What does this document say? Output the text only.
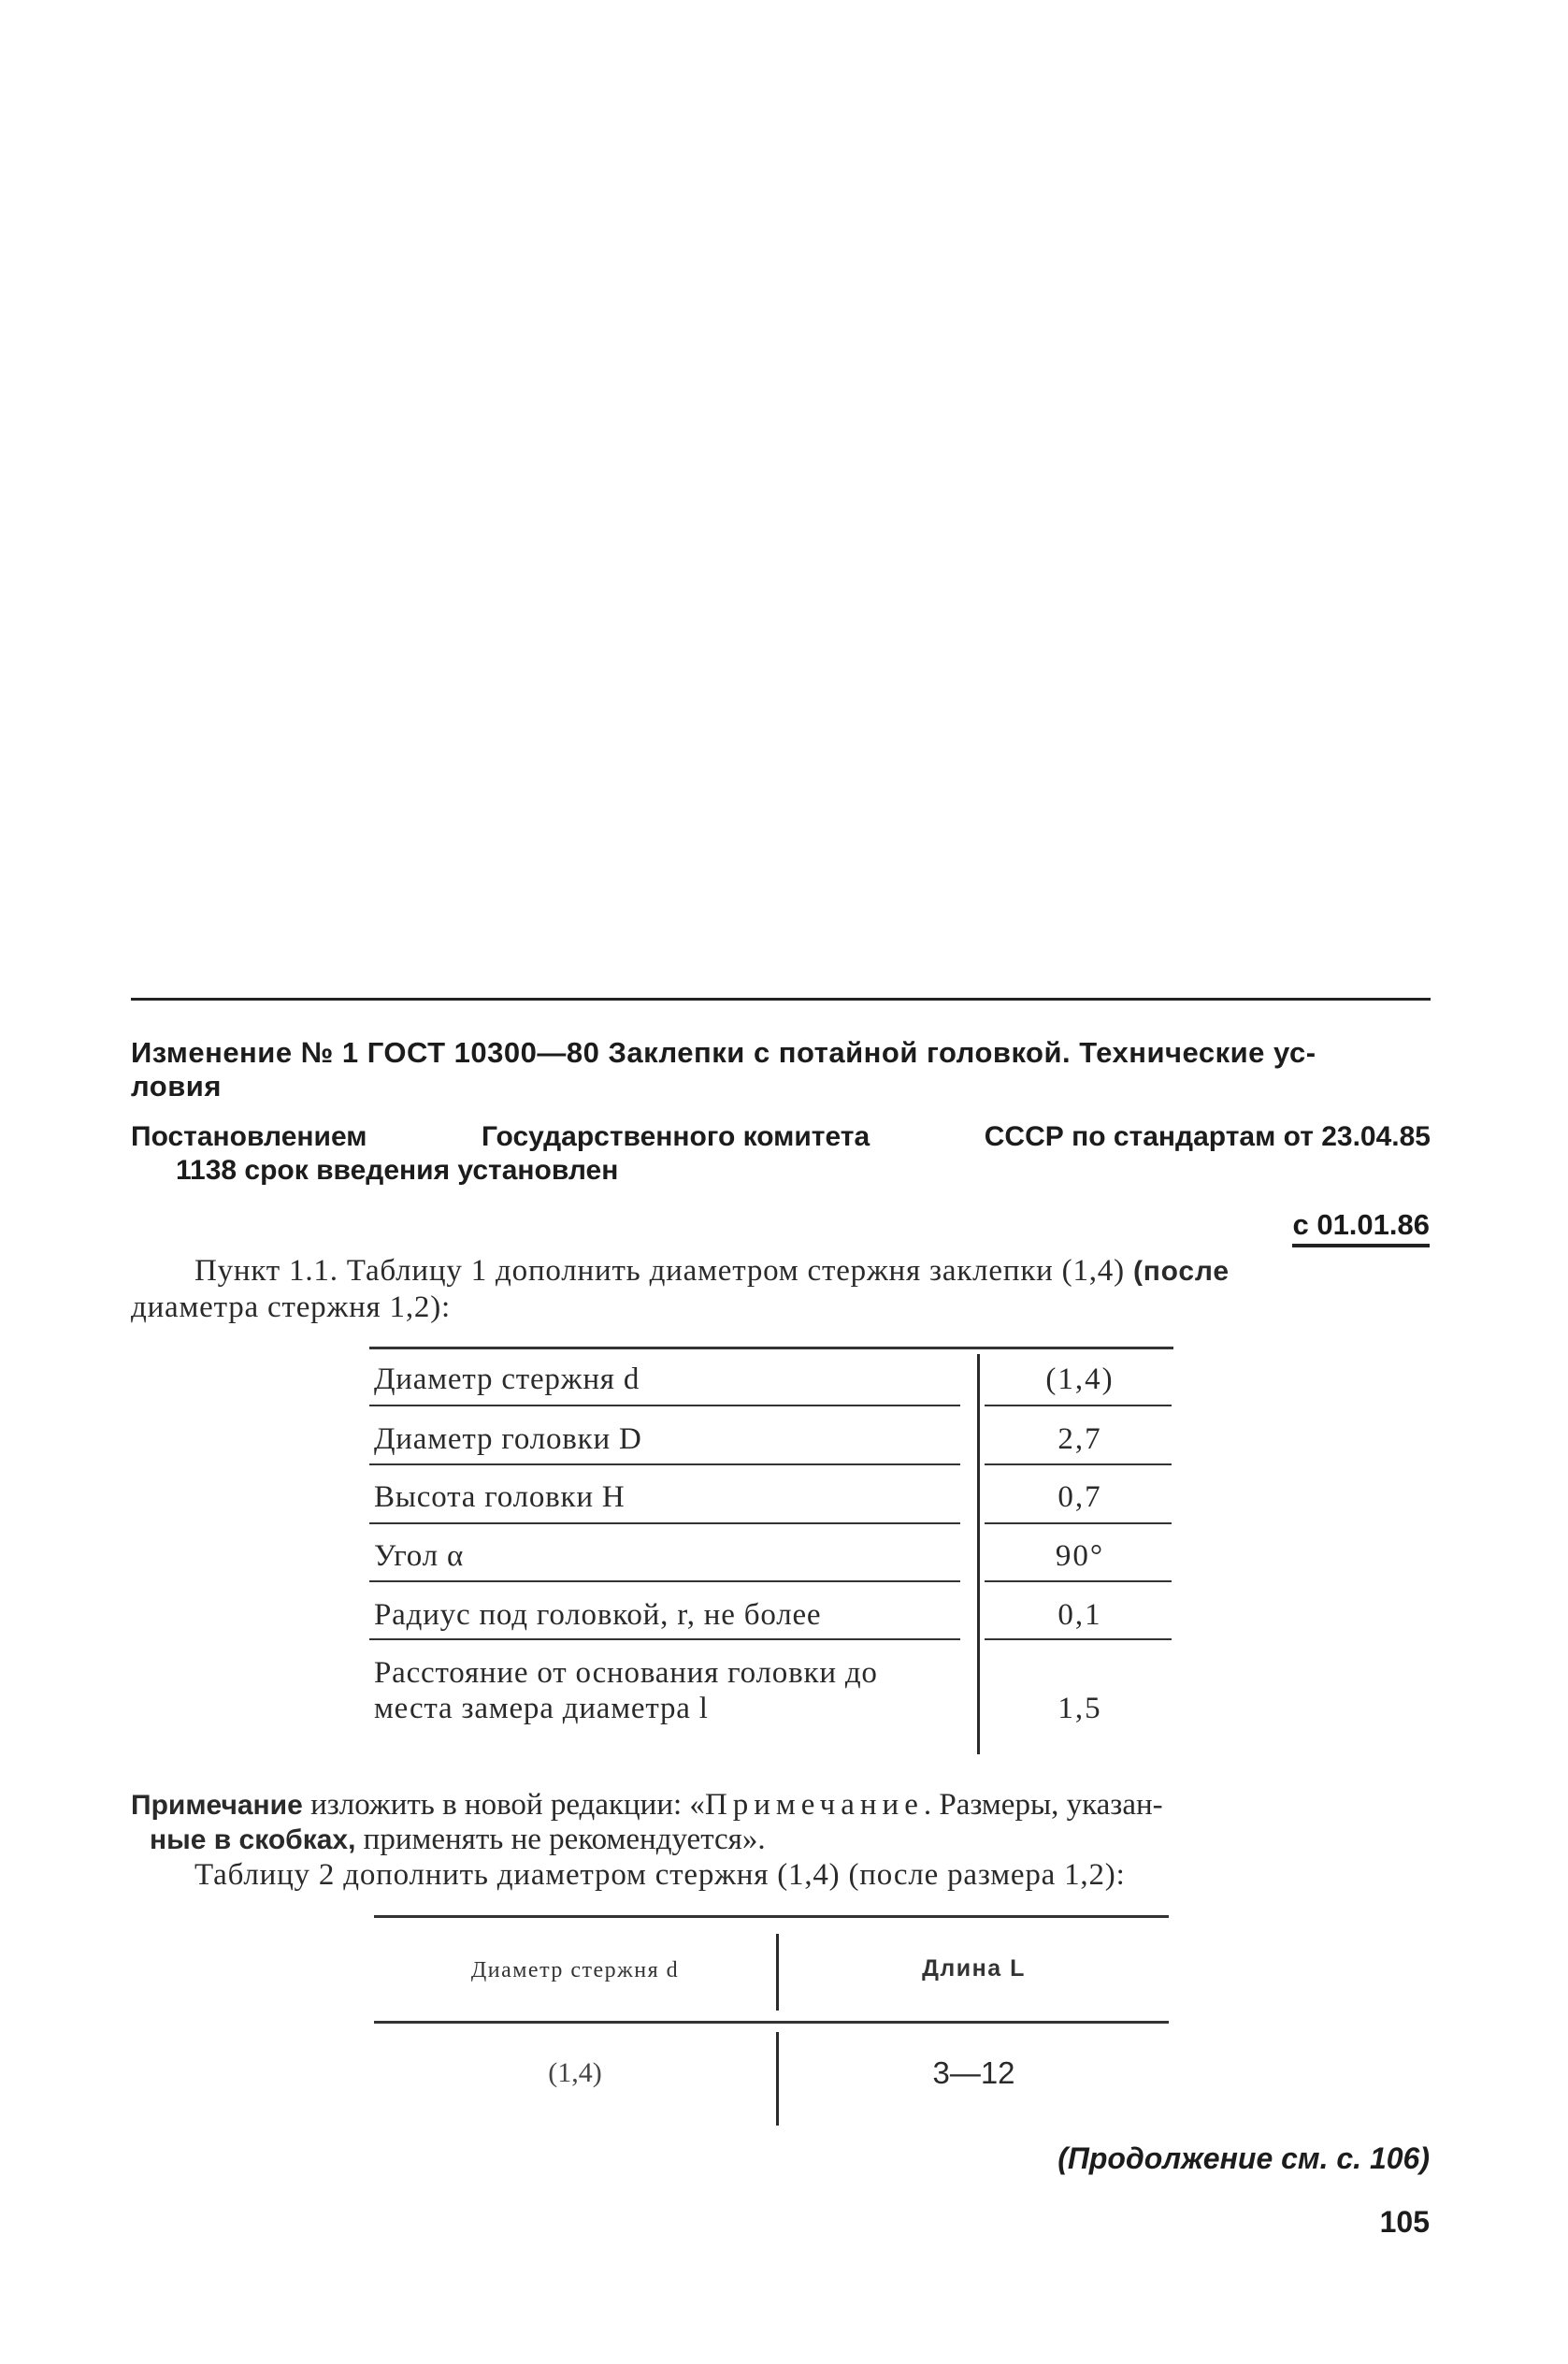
Изменение № 1 ГОСТ 10300—80 Заклепки с потайной головкой. Технические ус-
ловия
Постановлением	Государственного комитета	СССР по стандартам от 23.04.85
1138 срок введения установлен
с 01.01.86
Пункт 1.1. Таблицу 1 дополнить диаметром стержня заклепки (1,4) (после
диаметра стержня 1,2):
Диаметр стержня d	(1,4)
Диаметр головки D	2,7
Высота головки H	0,7
Угол α	90°
Радиус под головкой, r, не более	0,1
Расстояние от основания головки до
места замера диаметра l	1,5
Примечание изложить в новой редакции: «Примечание. Размеры, указан-
ные в скобках, применять не рекомендуется».
Таблицу 2 дополнить диаметром стержня (1,4) (после размера 1,2):
Диаметр стержня d	Длина L
(1,4)	3—12
(Продолжение см. с. 106)
105
